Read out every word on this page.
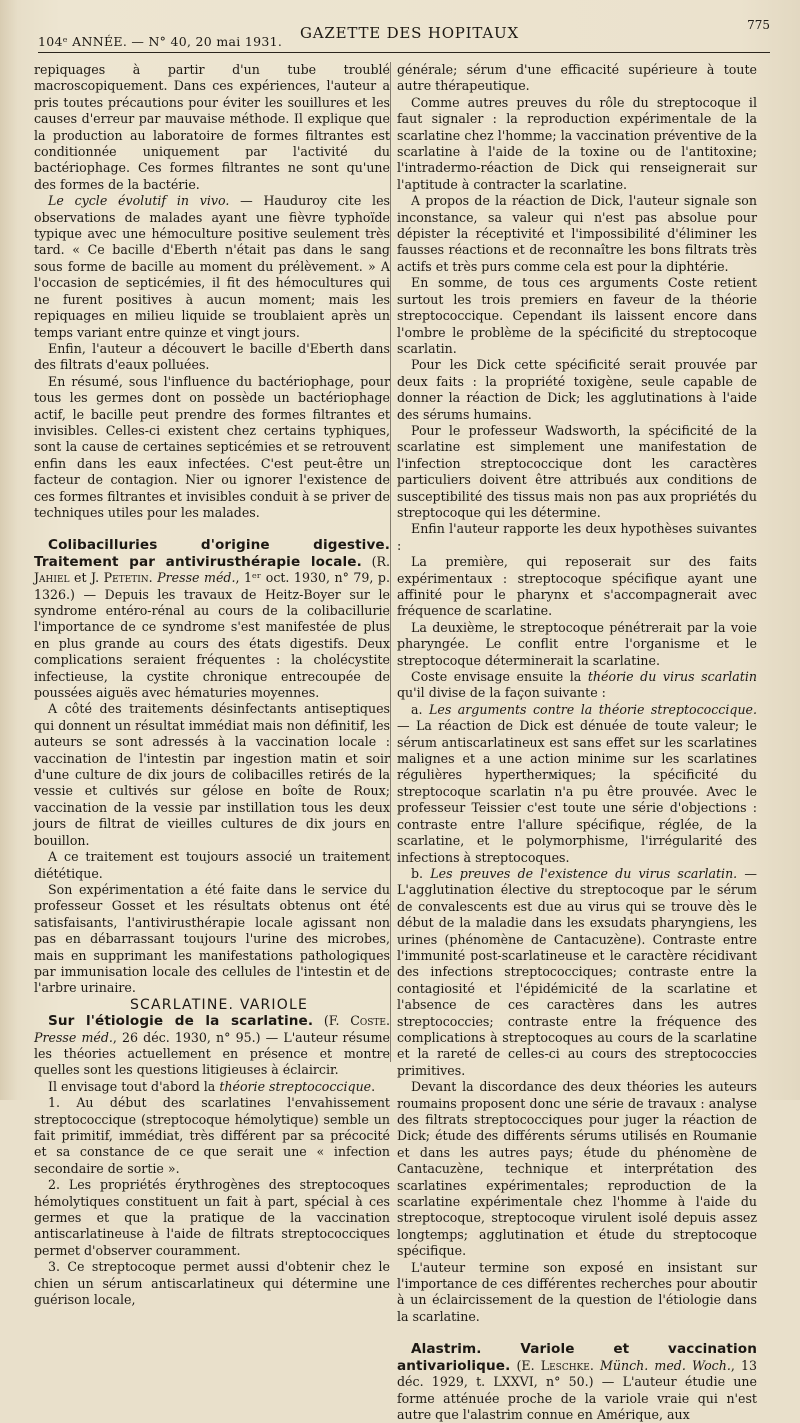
104ᵉ ANNÉE. — N° 40, 20 mai 1931. GAZETTE DES HOPITAUX	775

repiquages à partir d'un tube troublé macroscopiquement. Dans ces expériences, l'auteur a pris toutes précautions pour éviter les souillures et les causes d'erreur par mauvaise méthode. Il explique que la production au laboratoire de formes filtrantes est conditionnée uniquement par l'activité du bactériophage. Ces formes filtrantes ne sont qu'une des formes de la bactérie.

Le cycle évolutif in vivo. — Hauduroy cite les observations de malades ayant une fièvre typhoïde typique avec une hémoculture positive seulement très tard. « Ce bacille d'Eberth n'était pas dans le sang sous forme de bacille au moment du prélèvement. » A l'occasion de septicémies, il fit des hémocultures qui ne furent positives à aucun moment; mais les repiquages en milieu liquide se troublaient après un temps variant entre quinze et vingt jours.

Enfin, l'auteur a découvert le bacille d'Eberth dans des filtrats d'eaux polluées.

En résumé, sous l'influence du bactériophage, pour tous les germes dont on possède un bactériophage actif, le bacille peut prendre des formes filtrantes et invisibles. Celles-ci existent chez certains typhiques, sont la cause de certaines septicémies et se retrouvent enfin dans les eaux infectées. C'est peut-être un facteur de contagion. Nier ou ignorer l'existence de ces formes filtrantes et invisibles conduit à se priver de techniques utiles pour les malades.

Colibacilluries d'origine digestive. Traitement par antivirusthérapie locale. (R. Jahiel et J. Petetin. Presse méd., 1ᵉʳ oct. 1930, n° 79, p. 1326.) — Depuis les travaux de Heitz-Boyer sur le syndrome entéro-rénal au cours de la colibacillurie l'importance de ce syndrome s'est manifestée de plus en plus grande au cours des états digestifs. Deux complications seraient fréquentes : la cholécystite infectieuse, la cystite chronique entrecoupée de poussées aiguës avec hématuries moyennes.

A côté des traitements désinfectants antiseptiques qui donnent un résultat immédiat mais non définitif, les auteurs se sont adressés à la vaccination locale : vaccination de l'intestin par ingestion matin et soir d'une culture de dix jours de colibacilles retirés de la vessie et cultivés sur gélose en boîte de Roux; vaccination de la vessie par instillation tous les deux jours de filtrat de vieilles cultures de dix jours en bouillon.

A ce traitement est toujours associé un traitement diététique.

Son expérimentation a été faite dans le service du professeur Gosset et les résultats obtenus ont été satisfaisants, l'antivirusthérapie locale agissant non pas en débarrassant toujours l'urine des microbes, mais en supprimant les manifestations pathologiques par immunisation locale des cellules de l'intestin et de l'arbre urinaire.

SCARLATINE. VARIOLE

Sur l'étiologie de la scarlatine. (F. Coste. Presse méd., 26 déc. 1930, n° 95.) — L'auteur résume les théories actuellement en présence et montre quelles sont les questions litigieuses à éclaircir.

Il envisage tout d'abord la théorie streptococcique.

1. Au début des scarlatines l'envahissement streptococcique (streptocoque hémolytique) semble un fait primitif, immédiat, très différent par sa précocité et sa constance de ce que serait une « infection secondaire de sortie ».

2. Les propriétés érythrogènes des streptocoques hémolytiques constituent un fait à part, spécial à ces germes et que la pratique de la vaccination antiscarlatineuse à l'aide de filtrats streptococciques permet d'observer couramment.

3. Ce streptocoque permet aussi d'obtenir chez le chien un sérum antiscarlatineux qui détermine une guérison locale,

générale; sérum d'une efficacité supérieure à toute autre thérapeutique.

Comme autres preuves du rôle du streptocoque il faut signaler : la reproduction expérimentale de la scarlatine chez l'homme; la vaccination préventive de la scarlatine à l'aide de la toxine ou de l'antitoxine; l'intradermo-réaction de Dick qui renseignerait sur l'aptitude à contracter la scarlatine.

A propos de la réaction de Dick, l'auteur signale son inconstance, sa valeur qui n'est pas absolue pour dépister la réceptivité et l'impossibilité d'éliminer les fausses réactions et de reconnaître les bons filtrats très actifs et très purs comme cela est pour la diphtérie.

En somme, de tous ces arguments Coste retient surtout les trois premiers en faveur de la théorie streptococcique. Cependant ils laissent encore dans l'ombre le problème de la spécificité du streptocoque scarlatin.

Pour les Dick cette spécificité serait prouvée par deux faits : la propriété toxigène, seule capable de donner la réaction de Dick; les agglutinations à l'aide des sérums humains.

Pour le professeur Wadsworth, la spécificité de la scarlatine est simplement une manifestation de l'infection streptococcique dont les caractères particuliers doivent être attribués aux conditions de susceptibilité des tissus mais non pas aux propriétés du streptocoque qui les détermine.

Enfin l'auteur rapporte les deux hypothèses suivantes :

La première, qui reposerait sur des faits expérimentaux : streptocoque spécifique ayant une affinité pour le pharynx et s'accompagnerait avec fréquence de scarlatine.

La deuxième, le streptocoque pénétrerait par la voie pharyngée. Le conflit entre l'organisme et le streptocoque déterminerait la scarlatine.

Coste envisage ensuite la théorie du virus scarlatin qu'il divise de la façon suivante :

a. Les arguments contre la théorie streptococcique. — La réaction de Dick est dénuée de toute valeur; le sérum antiscarlatineux est sans effet sur les scarlatines malignes et a une action minime sur les scarlatines régulières hypertherміques; la spécificité du streptocoque scarlatin n'a pu être prouvée. Avec le professeur Teissier c'est toute une série d'objections : contraste entre l'allure spécifique, réglée, de la scarlatine, et le polymorphisme, l'irrégularité des infections à streptocoques.

b. Les preuves de l'existence du virus scarlatin. — L'agglutination élective du streptocoque par le sérum de convalescents est due au virus qui se trouve dès le début de la maladie dans les exsudats pharyngiens, les urines (phénomène de Cantacuzène). Contraste entre l'immunité post-scarlatineuse et le caractère récidivant des infections streptococciques; contraste entre la contagiosité et l'épidémicité de la scarlatine et l'absence de ces caractères dans les autres streptococcies; contraste entre la fréquence des complications à streptocoques au cours de la scarlatine et la rareté de celles-ci au cours des streptococcies primitives.

Devant la discordance des deux théories les auteurs roumains proposent donc une série de travaux : analyse des filtrats streptococciques pour juger la réaction de Dick; étude des différents sérums utilisés en Roumanie et dans les autres pays; étude du phénomène de Cantacuzène, technique et interprétation des scarlatines expérimentales; reproduction de la scarlatine expérimentale chez l'homme à l'aide du streptocoque, streptocoque virulent isolé depuis assez longtemps; agglutination et étude du streptocoque spécifique.

L'auteur termine son exposé en insistant sur l'importance de ces différentes recherches pour aboutir à un éclaircissement de la question de l'étiologie dans la scarlatine.

Alastrim. Variole et vaccination antivariolique. (E. Leschke. Münch. med. Woch., 13 déc. 1929, t. LXXVI, n° 50.) — L'auteur étudie une forme atténuée proche de la variole vraie qui n'est autre que l'alastrim connue en Amérique, aux
